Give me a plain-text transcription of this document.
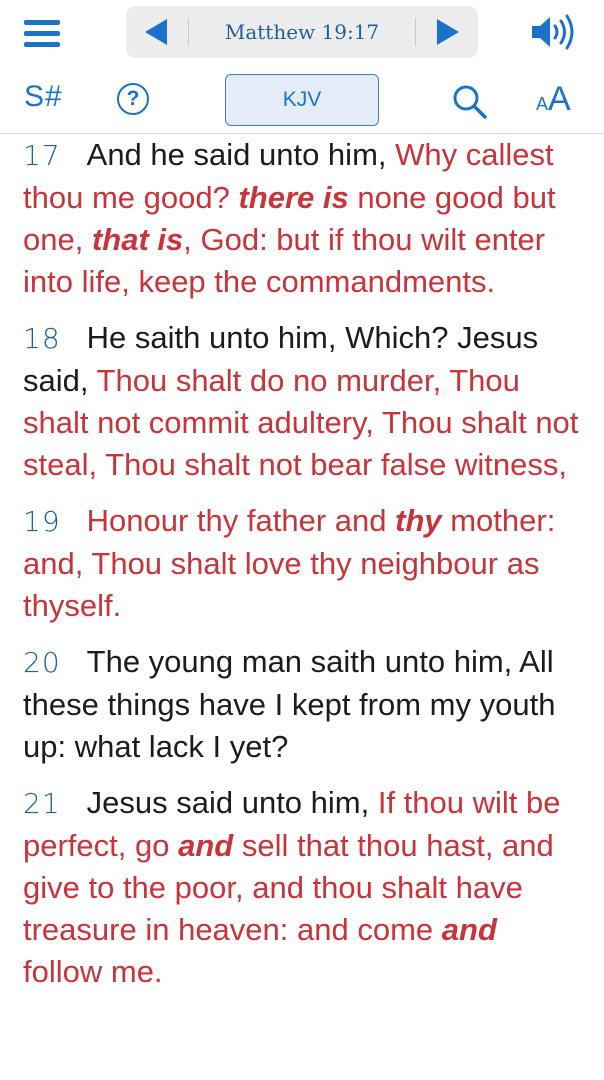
Matthew 19:17
S#	?	KJV	AA

17 And he said unto him, Why callest thou me good? there is none good but one, that is, God: but if thou wilt enter into life, keep the commandments.

18 He saith unto him, Which? Jesus said, Thou shalt do no murder, Thou shalt not commit adultery, Thou shalt not steal, Thou shalt not bear false witness,

19 Honour thy father and thy mother: and, Thou shalt love thy neighbour as thyself.

20 The young man saith unto him, All these things have I kept from my youth up: what lack I yet?

21 Jesus said unto him, If thou wilt be perfect, go and sell that thou hast, and give to the poor, and thou shalt have treasure in heaven: and come and follow me.
